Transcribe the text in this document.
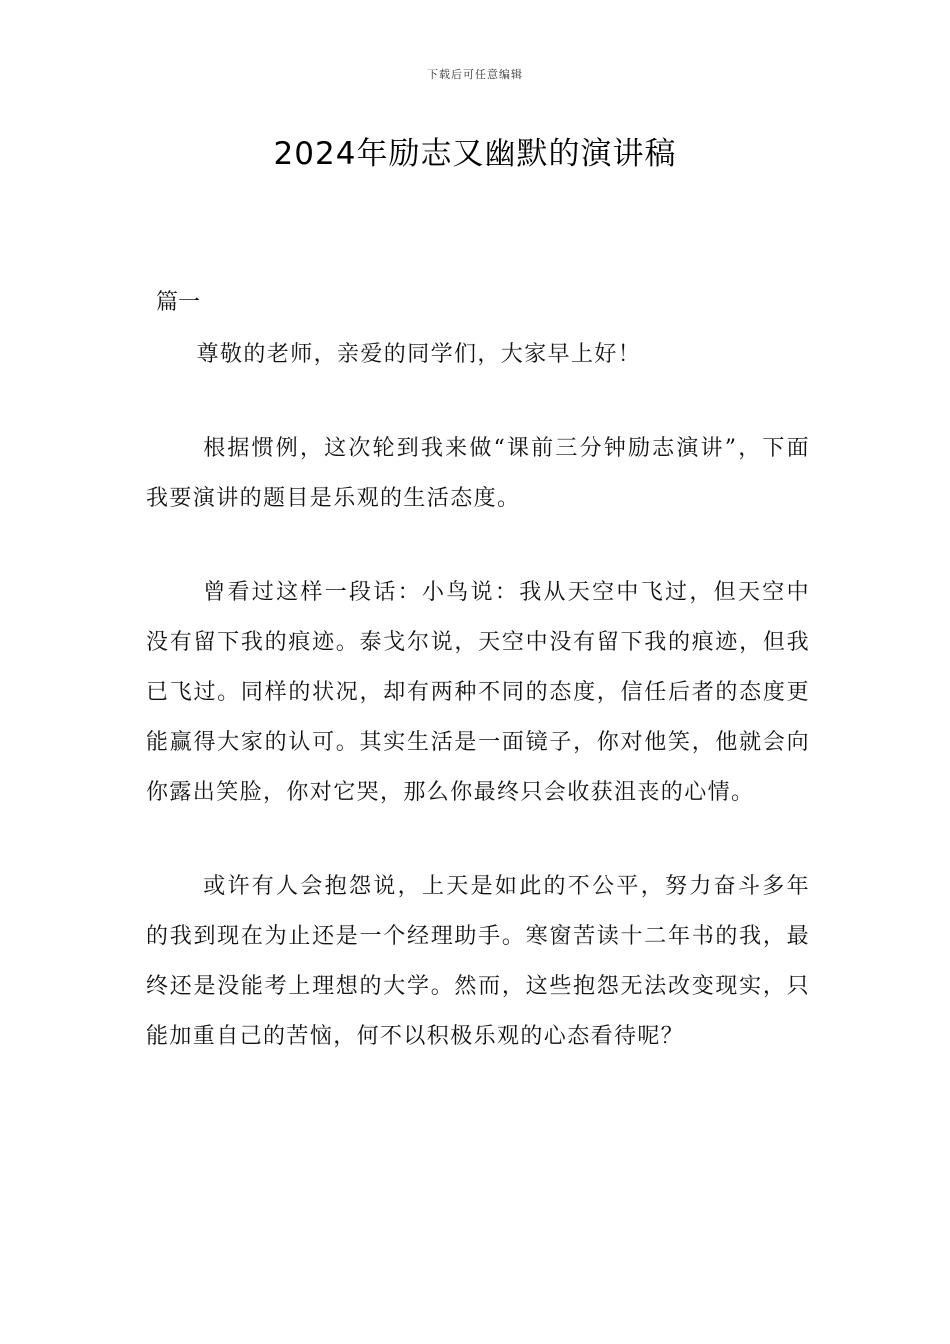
下载后可任意编辑
2024年励志又幽默的演讲稿

篇一

尊敬的老师，亲爱的同学们，大家早上好！

根据惯例，这次轮到我来做“课前三分钟励志演讲”，下面我要演讲的题目是乐观的生活态度。

曾看过这样一段话：小鸟说：我从天空中飞过，但天空中没有留下我的痕迹。泰戈尔说，天空中没有留下我的痕迹，但我已飞过。同样的状况，却有两种不同的态度，信任后者的态度更能赢得大家的认可。其实生活是一面镜子，你对他笑，他就会向你露出笑脸，你对它哭，那么你最终只会收获沮丧的心情。

或许有人会抱怨说，上天是如此的不公平，努力奋斗多年的我到现在为止还是一个经理助手。寒窗苦读十二年书的我，最终还是没能考上理想的大学。然而，这些抱怨无法改变现实，只能加重自己的苦恼，何不以积极乐观的心态看待呢？
